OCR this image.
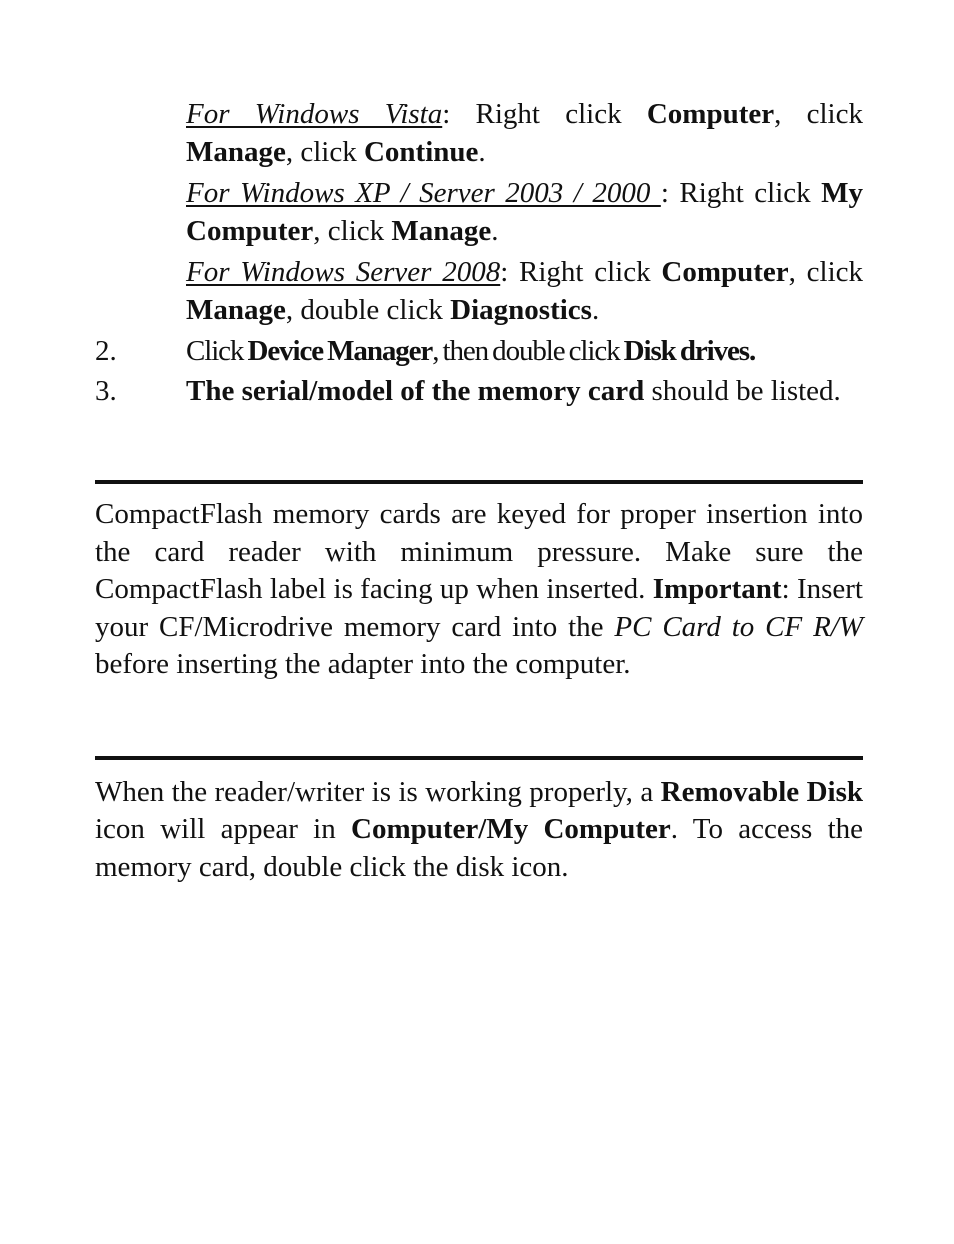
For Windows Vista: Right click Computer, click Manage, click Continue.

For Windows XP / Server 2003 / 2000 : Right click My Computer, click Manage.

For Windows Server 2008: Right click Computer, click Manage, double click Diagnostics.

2.	Click Device Manager, then double click Disk drives.
3.	The serial/model of the memory card should be listed.

CompactFlash memory cards are keyed for proper insertion into the card reader with minimum pressure. Make sure the CompactFlash label is facing up when inserted. Important: Insert your CF/Microdrive memory card into the PC Card to CF R/W before inserting the adapter into the computer.

When the reader/writer is is working properly, a Removable Disk icon will appear in Computer/My Computer. To access the memory card, double click the disk icon.
